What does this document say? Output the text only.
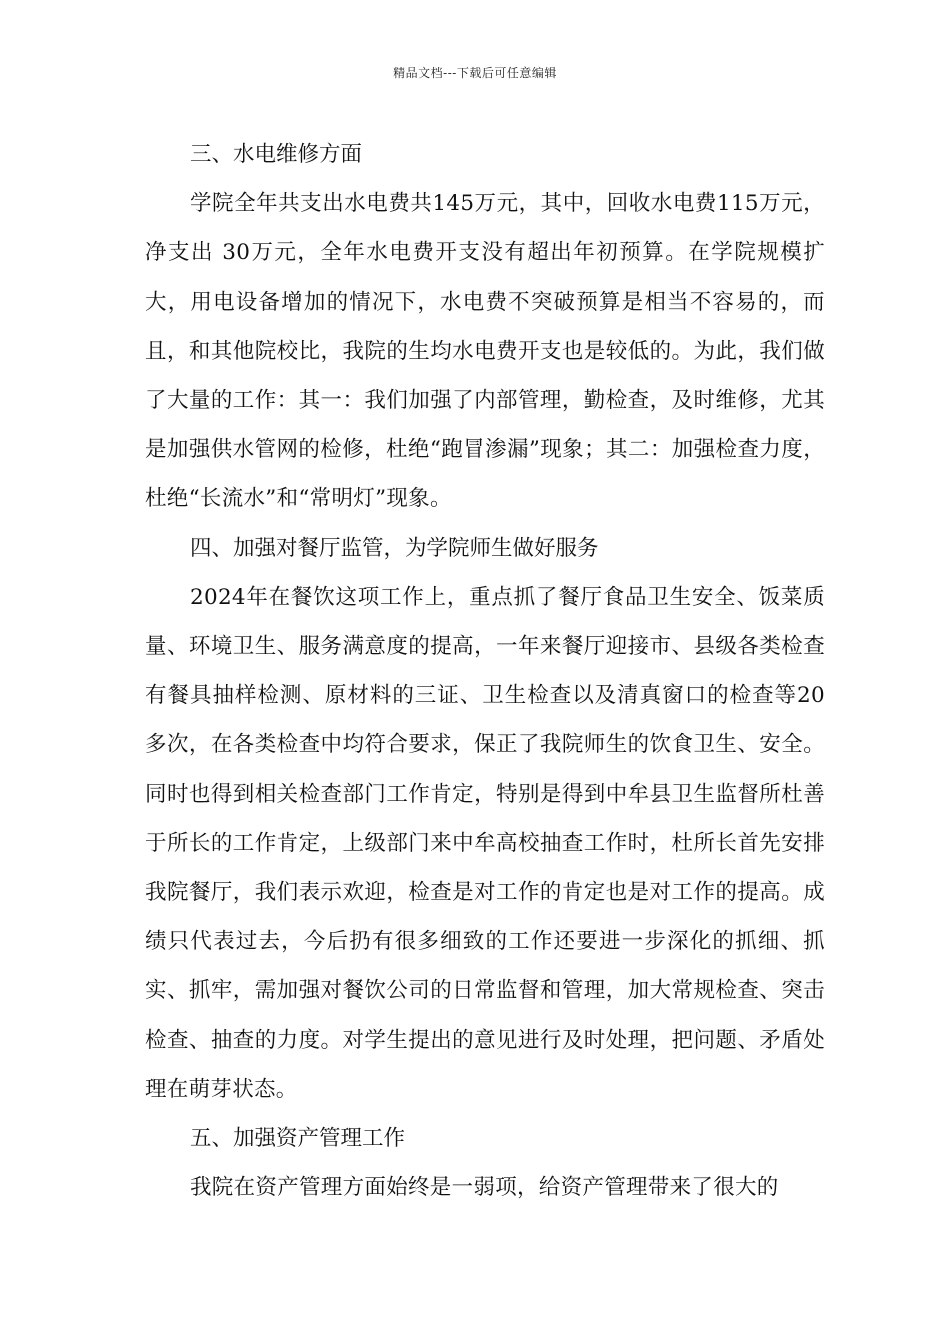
精品文档---下载后可任意编辑

三、水电维修方面

学院全年共支出水电费共145万元，其中，回收水电费115万元，净支出 30万元，全年水电费开支没有超出年初预算。在学院规模扩大，用电设备增加的情况下，水电费不突破预算是相当不容易的，而且，和其他院校比，我院的生均水电费开支也是较低的。为此，我们做了大量的工作：其一：我们加强了内部管理，勤检查，及时维修，尤其是加强供水管网的检修，杜绝“跑冒渗漏”现象；其二：加强检查力度，杜绝“长流水”和“常明灯”现象。

四、加强对餐厅监管，为学院师生做好服务

2024年在餐饮这项工作上，重点抓了餐厅食品卫生安全、饭菜质量、环境卫生、服务满意度的提高，一年来餐厅迎接市、县级各类检查有餐具抽样检测、原材料的三证、卫生检查以及清真窗口的检查等20多次，在各类检查中均符合要求，保正了我院师生的饮食卫生、安全。同时也得到相关检查部门工作肯定，特别是得到中牟县卫生监督所杜善于所长的工作肯定，上级部门来中牟高校抽查工作时，杜所长首先安排我院餐厅，我们表示欢迎，检查是对工作的肯定也是对工作的提高。成绩只代表过去，今后扔有很多细致的工作还要进一步深化的抓细、抓实、抓牢，需加强对餐饮公司的日常监督和管理，加大常规检查、突击检查、抽查的力度。对学生提出的意见进行及时处理，把问题、矛盾处理在萌芽状态。

五、加强资产管理工作

我院在资产管理方面始终是一弱项，给资产管理带来了很大的
